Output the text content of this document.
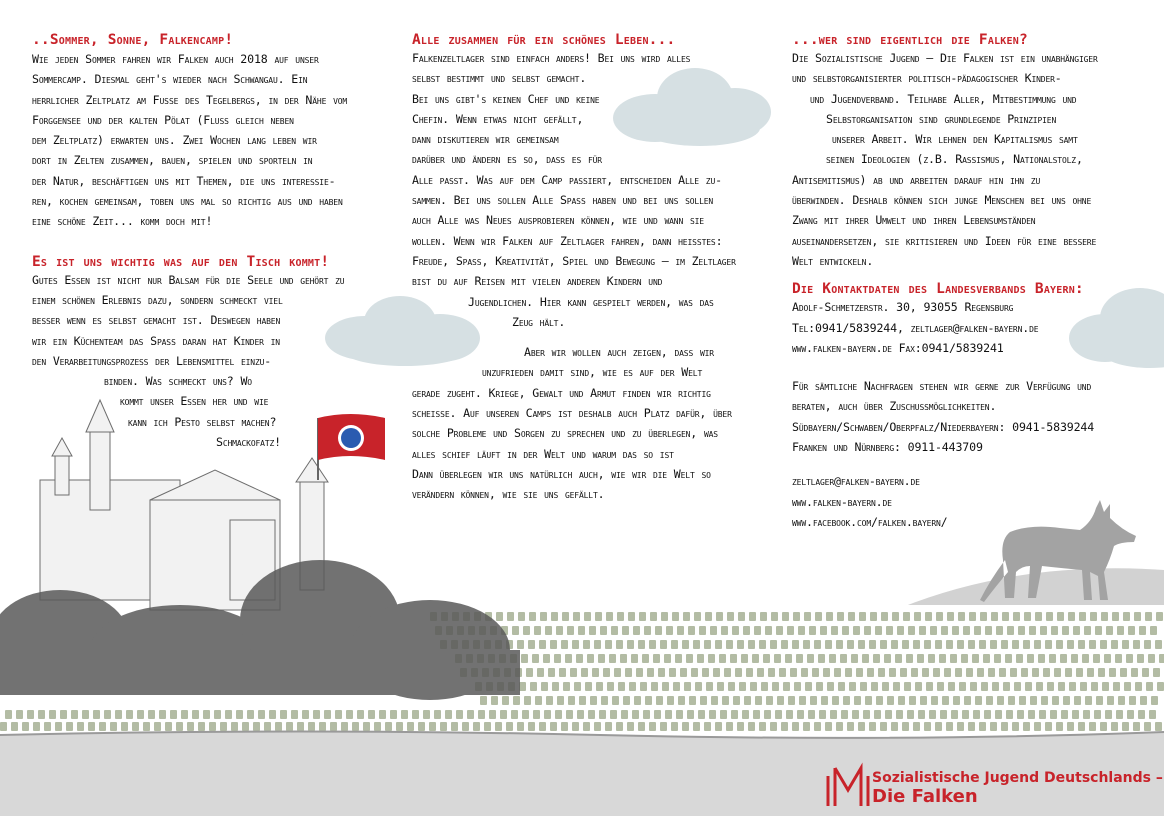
..Sommer, Sonne, Falkencamp!
Wie jeden Sommer fahren wir Falken auch 2018 auf unser
Sommercamp. Diesmal geht's wieder nach Schwangau. Ein
herrlicher Zeltplatz am Fuße des Tegelbergs, in der Nähe vom
Forggensee und der kalten Pölat (Fluss gleich neben
dem Zeltplatz) erwarten uns. Zwei Wochen lang leben wir
dort in Zelten zusammen, bauen, spielen und sporteln in
der Natur, beschäftigen uns mit Themen, die uns interessie-
ren, kochen gemeinsam, toben uns mal so richtig aus und haben
eine schöne Zeit... komm doch mit!
Es ist uns wichtig was auf den Tisch kommt!
Gutes Essen ist nicht nur Balsam für die Seele und gehört zu
einem schönen Erlebnis dazu, sondern schmeckt viel
besser wenn es selbst gemacht ist. Deswegen haben
wir ein Küchenteam das Spaß daran hat Kinder in
den Verarbeitungsprozess der Lebensmittel einzu-
binden. Was schmeckt uns? Wo
kommt unser Essen her und wie
kann ich Pesto selbst machen?
Schmackofatz!
Alle zusammen für ein schönes Leben...
Falkenzeltlager sind einfach anders! Bei uns wird alles
selbst bestimmt und selbst gemacht.
Bei uns gibt's keinen Chef und keine
Chefin. Wenn etwas nicht gefällt,
dann diskutieren wir gemeinsam
darüber und ändern es so, dass es für
Alle passt. Was auf dem Camp passiert, entscheiden Alle zu-
sammen. Bei uns sollen Alle Spaß haben und bei uns sollen
auch Alle was Neues ausprobieren können, wie und wann sie
wollen. Wenn wir Falken auf Zeltlager fahren, dann heißtes:
Freude, Spaß, Kreativität, Spiel und Bewegung – im Zeltlager
bist du auf Reisen mit vielen anderen Kindern und
Jugendlichen. Hier kann gespielt werden, was das
Zeug hält.
Aber wir wollen auch zeigen, dass wir
unzufrieden damit sind, wie es auf der Welt
gerade zugeht. Kriege, Gewalt und Armut finden wir richtig
scheiße. Auf unseren Camps ist deshalb auch Platz dafür, über
solche Probleme und Sorgen zu sprechen und zu überlegen, was
alles schief läuft in der Welt und warum das so ist
Dann überlegen wir uns natürlich auch, wie wir die Welt so
verändern können, wie sie uns gefällt.
...wer sind eigentlich die Falken?
Die Sozialistische Jugend – Die Falken ist ein unabhängiger
und selbstorganisierter politisch-pädagogischer Kinder-
und Jugendverband. Teilhabe Aller, Mitbestimmung und
Selbstorganisation sind grundlegende Prinzipien
unserer Arbeit. Wir lehnen den Kapitalismus samt
seinen Ideologien (z.B. Rassismus, Nationalstolz,
Antisemitismus) ab und arbeiten darauf hin ihn zu
überwinden. Deshalb können sich junge Menschen bei uns ohne
Zwang mit ihrer Umwelt und ihren Lebensumständen
auseinandersetzen, sie kritisieren und Ideen für eine bessere
Welt entwickeln.
Die Kontaktdaten des Landesverbands Bayern:
Adolf-Schmetzerstr. 30, 93055 Regensburg
Tel:0941/5839244, zeltlager@falken-bayern.de
www.falken-bayern.de Fax:0941/5839241
Für sämtliche Nachfragen stehen wir gerne zur Verfügung und
beraten, auch über Zuschussmöglichkeiten.
Südbayern/Schwaben/Oberpfalz/Niederbayern: 0941-5839244
Franken und Nürnberg: 0911-443709
zeltlager@falken-bayern.de
www.falken-bayern.de
www.facebook.com/falken.bayern/
Sozialistische Jugend Deutschlands –
Die Falken
